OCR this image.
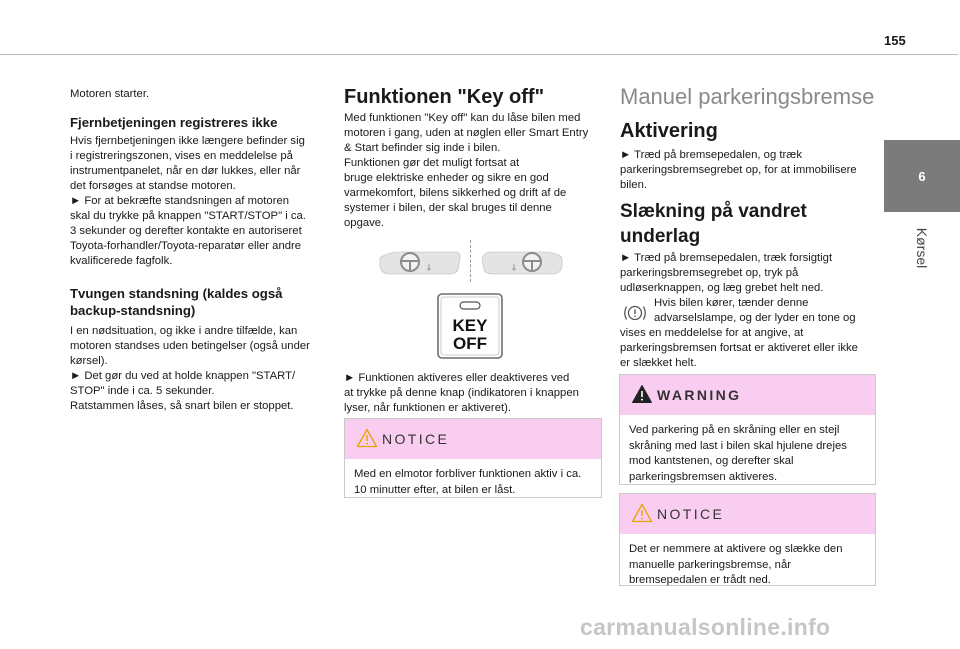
155
6
Kørsel
Motoren starter.
Fjernbetjeningen registreres ikke
Hvis fjernbetjeningen ikke længere befinder sig
i registreringszonen, vises en meddelelse på
instrumentpanelet, når en dør lukkes, eller når
det forsøges at standse motoren.
► For at bekræfte standsningen af motoren
skal du trykke på knappen "START/STOP" i ca.
3 sekunder og derefter kontakte en autoriseret
Toyota-forhandler/Toyota-reparatør eller andre
kvalificerede fagfolk.
Tvungen standsning (kaldes også
backup-standsning)
I en nødsituation, og ikke i andre tilfælde, kan
motoren standses uden betingelser (også under
kørsel).
► Det gør du ved at holde knappen "START/
STOP" inde i ca. 5 sekunder.
Ratstammen låses, så snart bilen er stoppet.
Funktionen "Key off"
Med funktionen "Key off" kan du låse bilen med
motoren i gang, uden at nøglen eller Smart Entry
& Start befinder sig inde i bilen.
Funktionen gør det muligt fortsat at
bruge elektriske enheder og sikre en god
varmekomfort, bilens sikkerhed og drift af de
systemer i bilen, der skal bruges til denne
opgave.
KEY
OFF
► Funktionen aktiveres eller deaktiveres ved
at trykke på denne knap (indikatoren i knappen
lyser, når funktionen er aktiveret).
NOTICE
Med en elmotor forbliver funktionen aktiv i ca.
10 minutter efter, at bilen er låst.
Manuel parkeringsbremse
Aktivering
► Træd på bremsepedalen, og træk
parkeringsbremsegrebet op, for at immobilisere
bilen.
Slækning på vandret
underlag
► Træd på bremsepedalen, træk forsigtigt
parkeringsbremsegrebet op, tryk på
udløserknappen, og læg grebet helt ned.
Hvis bilen kører, tænder denne
advarselslampe, og der lyder en tone og
vises en meddelelse for at angive, at
parkeringsbremsen fortsat er aktiveret eller ikke
er slækket helt.
WARNING
Ved parkering på en skråning eller en stejl
skråning med last i bilen skal hjulene drejes
mod kantstenen, og derefter skal
parkeringsbremsen aktiveres.
NOTICE
Det er nemmere at aktivere og slække den
manuelle parkeringsbremse, når
bremsepedalen er trådt ned.
carmanualsonline.info
